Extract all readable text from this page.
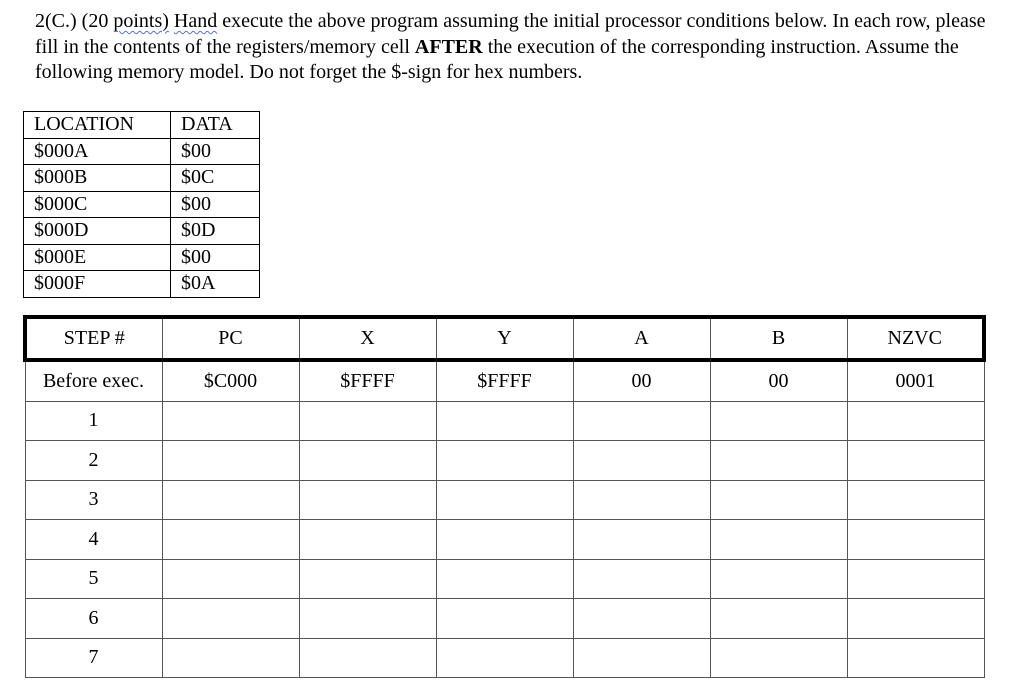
2(C.) (20 points) Hand execute the above program assuming the initial processor conditions below. In each row, please fill in the contents of the registers/memory cell AFTER the execution of the corresponding instruction. Assume the following memory model. Do not forget the $-sign for hex numbers.
LOCATION	DATA
$000A	$00
$000B	$0C
$000C	$00
$000D	$0D
$000E	$00
$000F	$0A
STEP #	PC	X	Y	A	B	NZVC
Before exec.	$C000	$FFFF	$FFFF	00	00	0001
1						
2						
3						
4						
5						
6						
7						
